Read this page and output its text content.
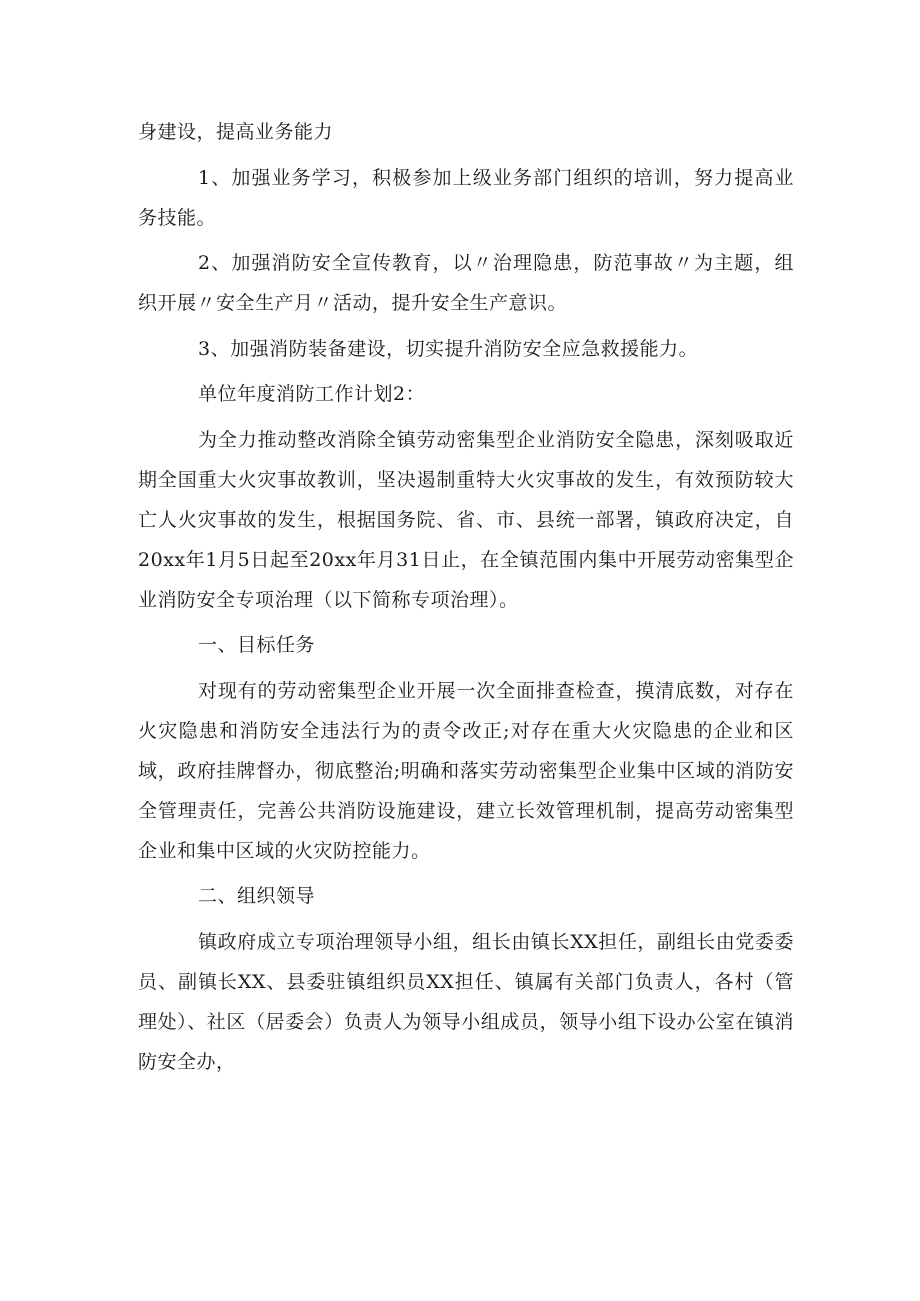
身建设，提高业务能力

1、加强业务学习，积极参加上级业务部门组织的培训，努力提高业务技能。

2、加强消防安全宣传教育，以〃治理隐患，防范事故〃为主题，组织开展〃安全生产月〃活动，提升安全生产意识。

3、加强消防装备建设，切实提升消防安全应急救援能力。

单位年度消防工作计划2：

为全力推动整改消除全镇劳动密集型企业消防安全隐患，深刻吸取近期全国重大火灾事故教训，坚决遏制重特大火灾事故的发生，有效预防较大亡人火灾事故的发生，根据国务院、省、市、县统一部署，镇政府决定，自20xx年1月5日起至20xx年月31日止，在全镇范围内集中开展劳动密集型企业消防安全专项治理（以下简称专项治理）。

一、目标任务

对现有的劳动密集型企业开展一次全面排查检查，摸清底数，对存在火灾隐患和消防安全违法行为的责令改正;对存在重大火灾隐患的企业和区域，政府挂牌督办，彻底整治;明确和落实劳动密集型企业集中区域的消防安全管理责任，完善公共消防设施建设，建立长效管理机制，提高劳动密集型企业和集中区域的火灾防控能力。

二、组织领导

镇政府成立专项治理领导小组，组长由镇长XX担任，副组长由党委委员、副镇长XX、县委驻镇组织员XX担任、镇属有关部门负责人，各村（管理处）、社区（居委会）负责人为领导小组成员，领导小组下设办公室在镇消防安全办，
